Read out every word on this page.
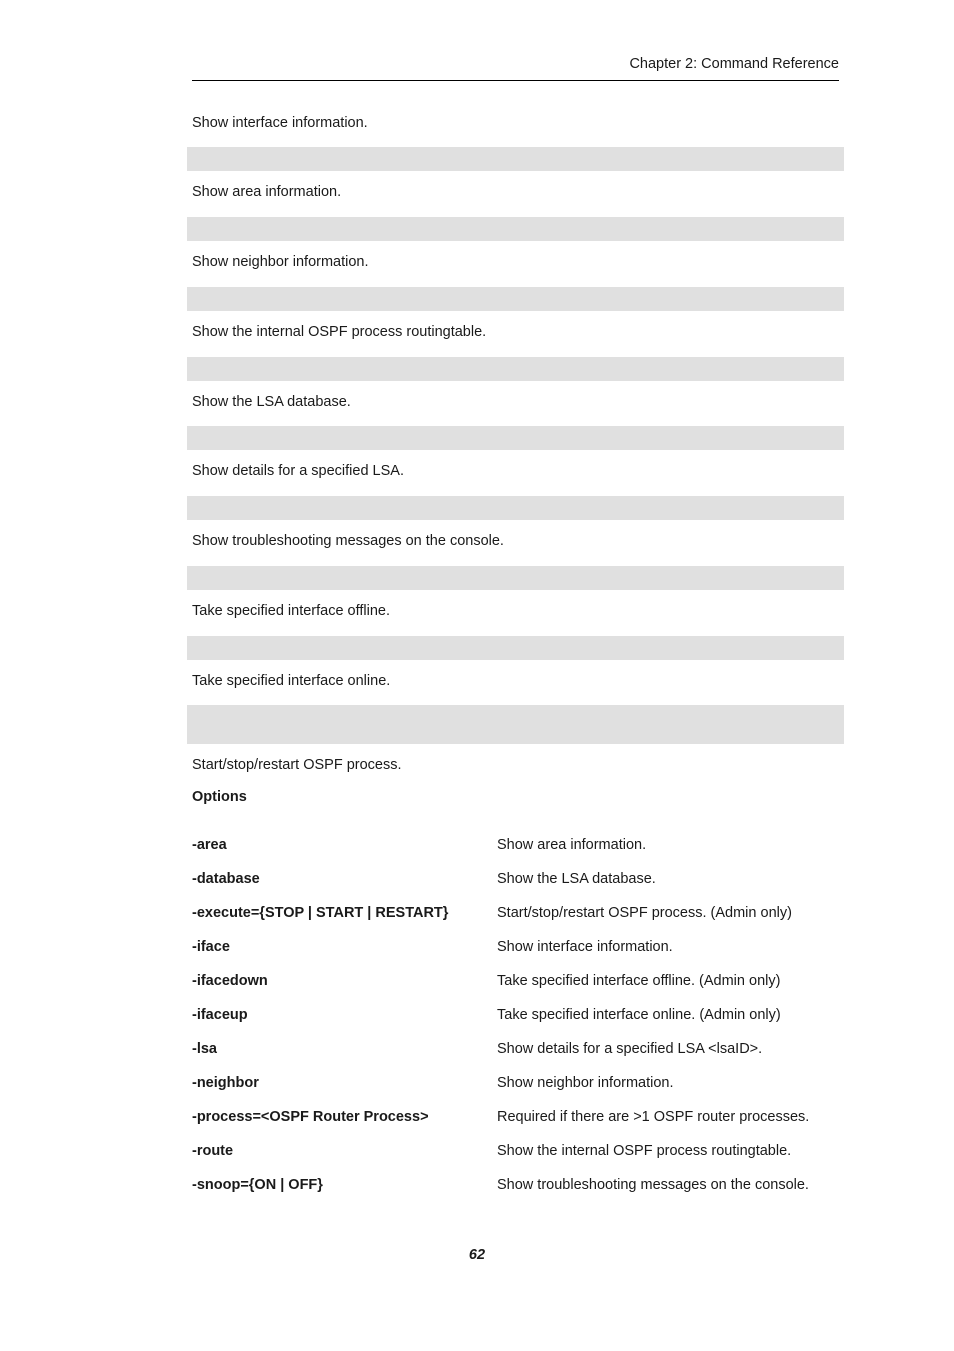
Chapter 2: Command Reference
Show interface information.
Show area information.
Show neighbor information.
Show the internal OSPF process routingtable.
Show the LSA database.
Show details for a specified LSA.
Show troubleshooting messages on the console.
Take specified interface offline.
Take specified interface online.
Start/stop/restart OSPF process.
Options
-area	Show area information.
-database	Show the LSA database.
-execute={STOP | START | RESTART}	Start/stop/restart OSPF process. (Admin only)
-iface	Show interface information.
-ifacedown	Take specified interface offline. (Admin only)
-ifaceup	Take specified interface online. (Admin only)
-lsa	Show details for a specified LSA <lsaID>.
-neighbor	Show neighbor information.
-process=<OSPF Router Process>	Required if there are >1 OSPF router processes.
-route	Show the internal OSPF process routingtable.
-snoop={ON | OFF}	Show troubleshooting messages on the console.
62
